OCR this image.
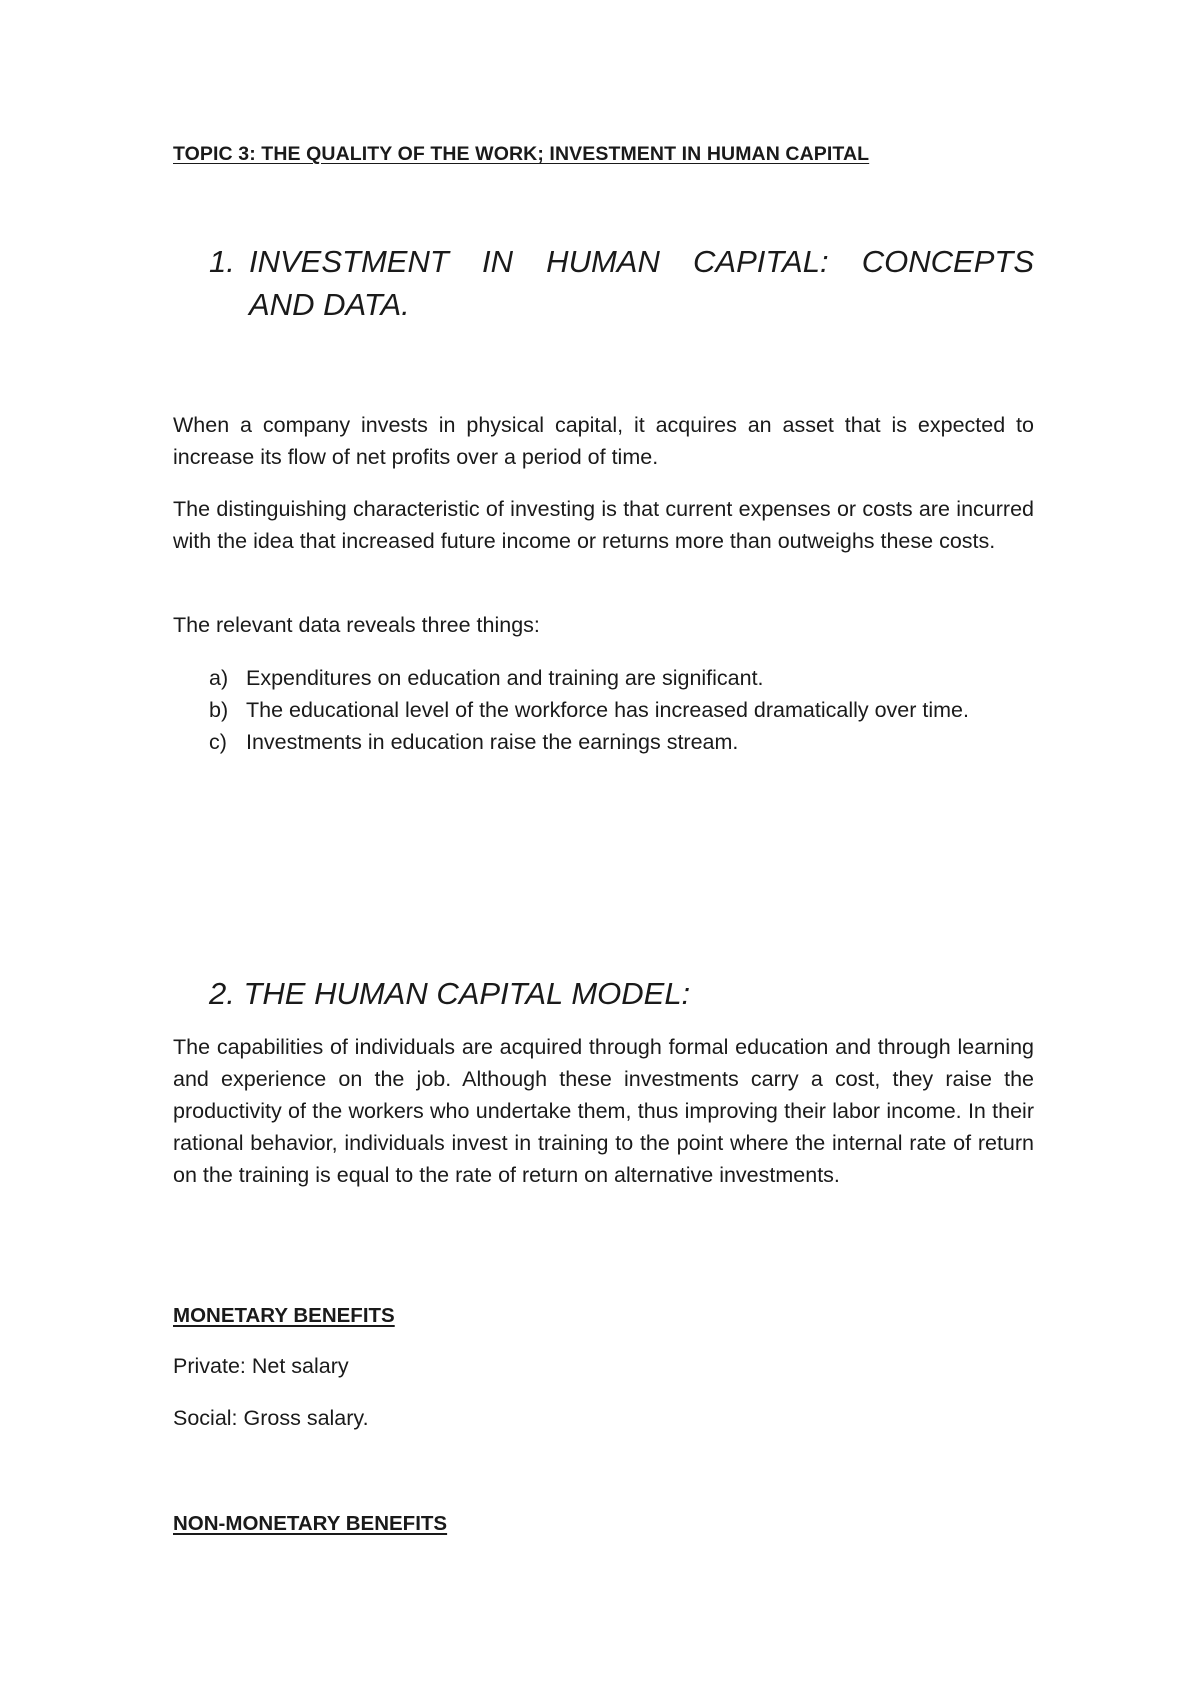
TOPIC 3: THE QUALITY OF THE WORK; INVESTMENT IN HUMAN CAPITAL
1. INVESTMENT IN HUMAN CAPITAL: CONCEPTS
AND DATA.

When a company invests in physical capital, it acquires an asset that is expected to increase its flow of net profits over a period of time.

The distinguishing characteristic of investing is that current expenses or costs are incurred with the idea that increased future income or returns more than outweighs these costs.

The relevant data reveals three things:

a) Expenditures on education and training are significant.
b) The educational level of the workforce has increased dramatically over time.
c) Investments in education raise the earnings stream.
2. THE HUMAN CAPITAL MODEL:

The capabilities of individuals are acquired through formal education and through learning and experience on the job. Although these investments carry a cost, they raise the productivity of the workers who undertake them, thus improving their labor income. In their rational behavior, individuals invest in training to the point where the internal rate of return on the training is equal to the rate of return on alternative investments.

MONETARY BENEFITS
Private: Net salary
Social: Gross salary.
NON-MONETARY BENEFITS
